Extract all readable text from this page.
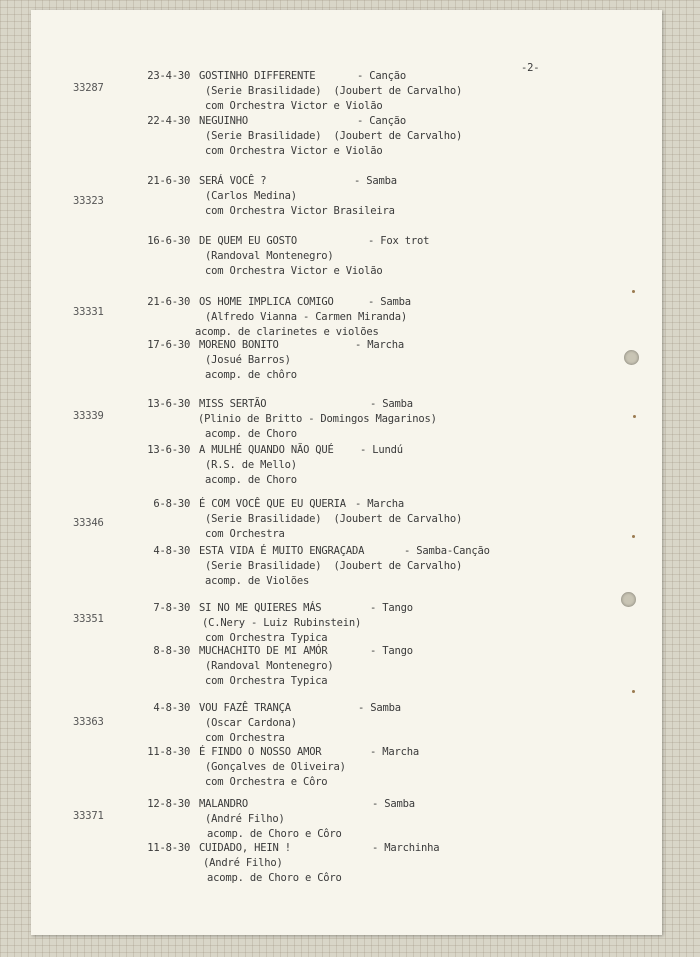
-2-
33287
23-4-30 GOSTINHO DIFFERENTE	- Canção
(Serie Brasilidade)  (Joubert de Carvalho)
com Orchestra Victor e Violão
22-4-30 NEGUINHO	- Canção
(Serie Brasilidade)  (Joubert de Carvalho)
com Orchestra Victor e Violão
33323
21-6-30 SERÁ VOCÊ ?	- Samba
(Carlos Medina)
com Orchestra Victor Brasileira
16-6-30 DE QUEM EU GOSTO	- Fox trot
(Randoval Montenegro)
com Orchestra Victor e Violão
33331
21-6-30 OS HOME IMPLICA COMIGO	- Samba
(Alfredo Vianna - Carmen Miranda)
acomp. de clarinetes e violões
17-6-30 MORENO BONITO	- Marcha
(Josué Barros)
acomp. de chôro
33339
13-6-30 MISS SERTÃO	- Samba
(Plinio de Britto - Domingos Magarinos)
acomp. de Choro
13-6-30 A MULHÉ QUANDO NÃO QUÉ	- Lundú
(R.S. de Mello)
acomp. de Choro
33346
6-8-30 É COM VOCÊ QUE EU QUERIA - Marcha
(Serie Brasilidade)  (Joubert de Carvalho)
com Orchestra
4-8-30 ESTA VIDA É MUITO ENGRAÇADA	- Samba-Canção
(Serie Brasilidade)  (Joubert de Carvalho)
acomp. de Violões
33351
7-8-30 SI NO ME QUIERES MÁS	- Tango
(C.Nery - Luiz Rubinstein)
com Orchestra Typica
8-8-30 MUCHACHITO DE MI AMÓR	- Tango
(Randoval Montenegro)
com Orchestra Typica
33363
4-8-30 VOU FAZÊ TRANÇA	- Samba
(Oscar Cardona)
com Orchestra
11-8-30 É FINDO O NOSSO AMOR	- Marcha
(Gonçalves de Oliveira)
com Orchestra e Côro
33371
12-8-30 MALANDRO	- Samba
(André Filho)
acomp. de Choro e Côro
11-8-30 CUIDADO, HEIN !	- Marchinha
(André Filho)
acomp. de Choro e Côro
